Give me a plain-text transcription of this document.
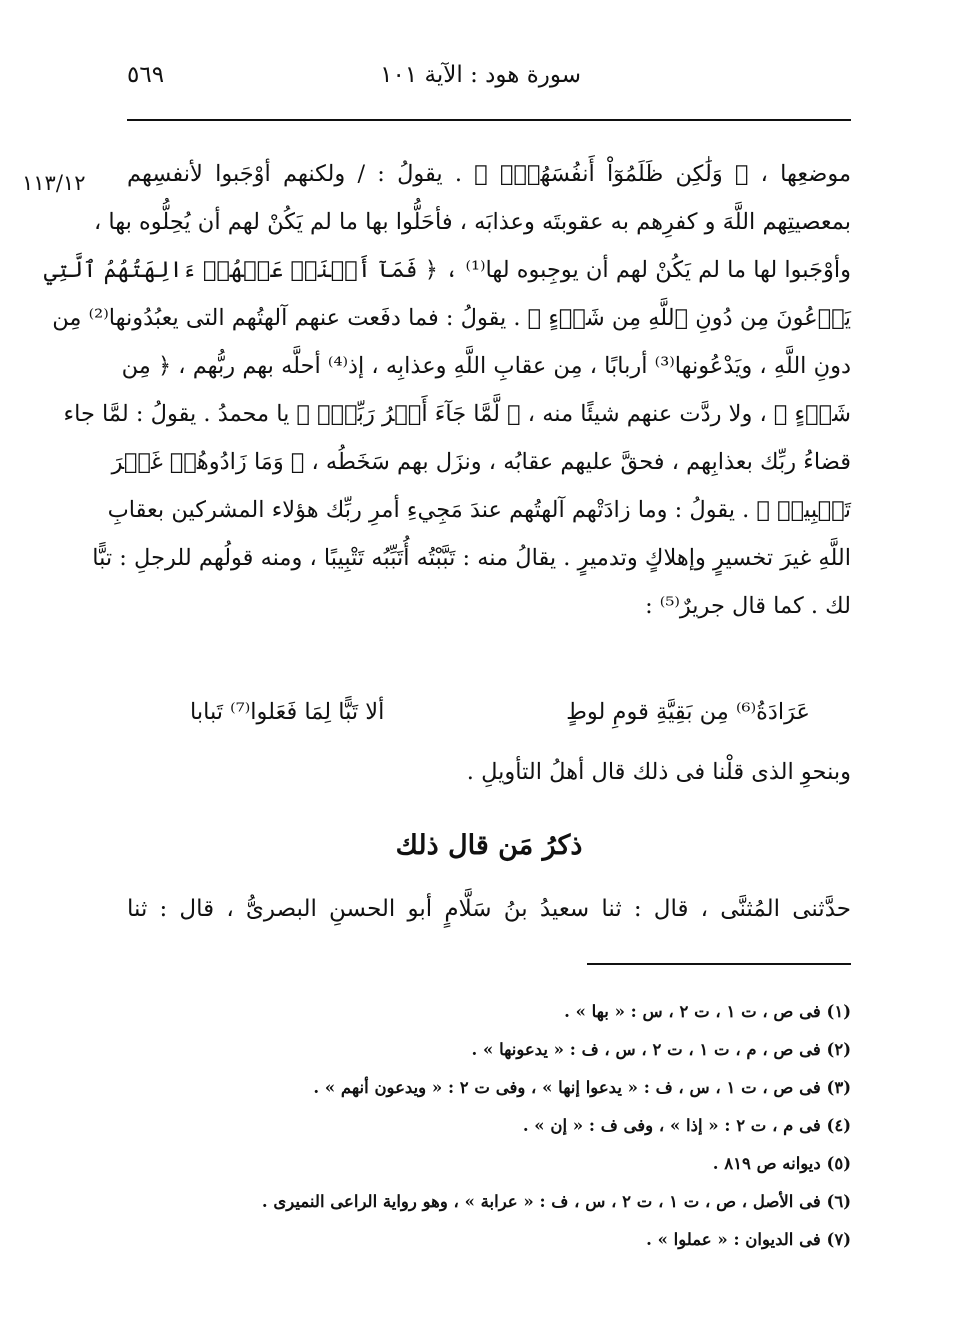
سورة هود : الآية ١٠١
٥٦٩
١١٣/١٢ موضعِها ، ﴿ وَلَٰكِن ظَلَمُوٓاْ أَنفُسَهُمْۖ ﴾ . يقولُ : / ولكنهم أوْجَبوا لأنفسِهم
بمعصيتِهم اللَّهَ و كفرِهم به عقوبتَه وعذابَه ، فأحَلُّوا بها ما لم يَكُنْ لهم أن يُحِلُّوه بها ،
وأوْجَبوا لها ما لم يَكُنْ لهم أن يوجِبوه لها⁽¹⁾ ، ﴿ فَمَآ أَغۡنَتۡ عَنۡهُمۡ ءَالِهَتُهُمُ ٱلَّتِي
يَدۡعُونَ مِن دُونِ ٱللَّهِ مِن شَيۡءٍ ﴾ . يقولُ : فما دفَعت عنهم آلهتُهم التى يعبُدُونها⁽²⁾ مِن
دونِ اللَّهِ ، ويَدْعُونها⁽³⁾ أربابًا ، مِن عقابِ اللَّهِ وعذابِه ، إذ⁽⁴⁾ أحلَّه بهم ربُّهم ، ﴿ مِن
شَيۡءٍ ﴾ ، ولا ردَّت عنهم شيئًا منه ، ﴿ لَّمَّا جَآءَ أَمۡرُ رَبِّكَۖ ﴾ يا محمدُ . يقولُ : لمَّا جاء
قضاءُ ربِّك بعذابِهم ، فحقَّ عليهم عقابُه ، ونزَل بهم سَخَطُه ، ﴿ وَمَا زَادُوهُمۡ غَيۡرَ
تَتۡبِيبٖ ﴾ . يقولُ : وما زادَتْهم آلهتُهم عندَ مَجِيءِ أمرِ ربِّك هؤلاء المشركين بعقابِ
اللَّهِ غيرَ تخسيرٍ وإهلاكٍ وتدميرٍ . يقالُ منه : تَبَّبْتُه أُتَبِّبُه تَتْبِيبًا ، ومنه قولُهم للرجلِ : تبًّا
لك . كما قال جريرٌ⁽⁵⁾ :
عَرَادَةُ⁽⁶⁾ مِن بَقِيَّةِ قومِ لوطٍ
ألا تَبًّا لِمَا فَعَلوا⁽⁷⁾ تَبابا
وبنحوِ الذى قلْنا فى ذلك قال أهلُ التأويلِ .
ذكرُ مَن قال ذلك
حدَّثنى المُثنَّى ، قال : ثنا سعيدُ بنُ سَلَّامٍ أبو الحسنِ البصرىُّ ، قال : ثنا
(١) فى ص ، ت ١ ، ت ٢ ، س : « بها » .
(٢) فى ص ، م ، ت ١ ، ت ٢ ، س ، ف : « يدعونها » .
(٣) فى ص ، ت ١ ، س ، ف : « يدعوا إنها » ، وفى ت ٢ : « ويدعون أنهم » .
(٤) فى م ، ت ٢ : « إذا » ، وفى ف : « إن » .
(٥) ديوانه ص ٨١٩ .
(٦) فى الأصل ، ص ، ت ١ ، ت ٢ ، س ، ف : « عرابة » ، وهو رواية الراعى النميرى .
(٧) فى الديوان : « عملوا » .
